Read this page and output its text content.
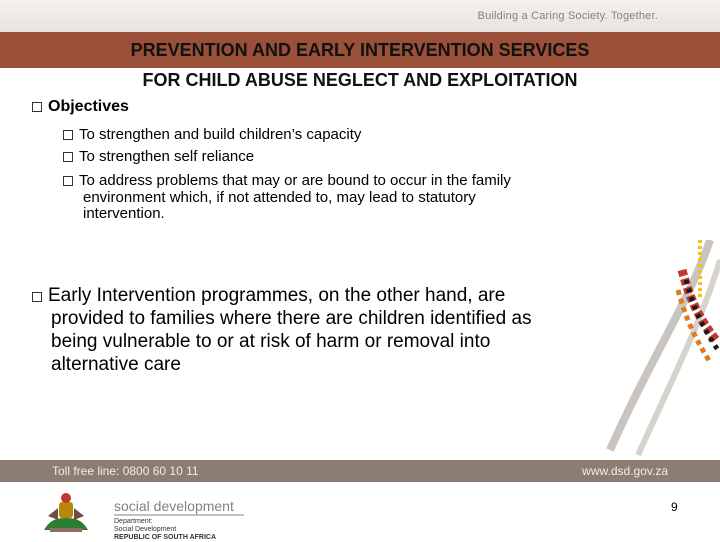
Building a Caring Society. Together.
PREVENTION AND EARLY INTERVENTION SERVICES
FOR CHILD ABUSE NEGLECT AND EXPLOITATION
Objectives
To strengthen and build children’s capacity
To strengthen self reliance
To address problems that may or are bound to occur in the family
environment which, if not attended to, may lead to statutory
intervention.
Early Intervention programmes, on the other hand, are
provided to families where there are children identified as
being vulnerable to or at risk of harm or removal into
alternative care
Toll free line: 0800 60 10 11	www.dsd.gov.za
social development
Department:
Social Development
REPUBLIC OF SOUTH AFRICA
9
